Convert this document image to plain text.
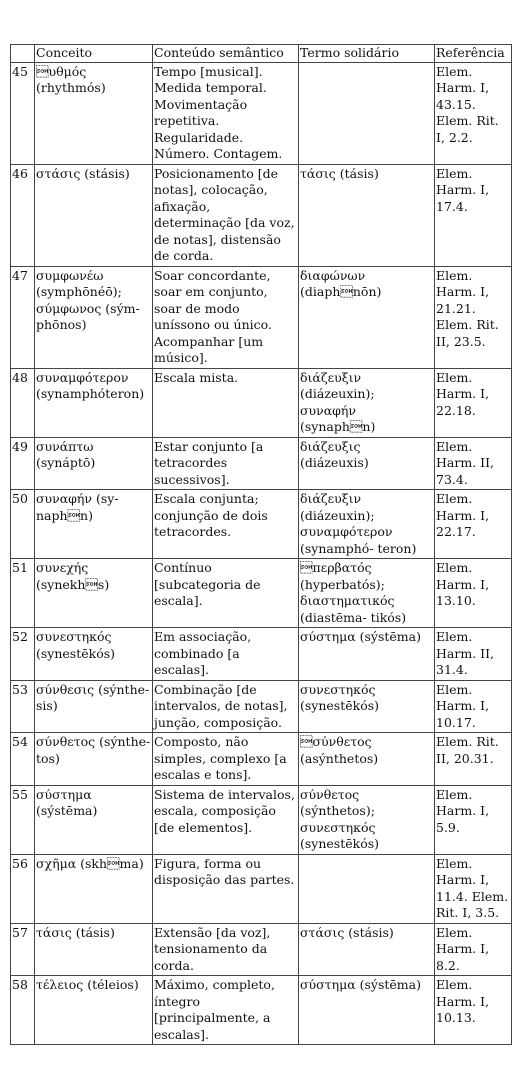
	Conceito	Conteúdo semântico	Termo solidário	Referência
45	υθμός (rhythmós)	Tempo [musical]. Medida temporal. Movimentação repetitiva. Regularidade. Número. Contagem.		Elem. Harm. I, 43.15. Elem. Rit. I, 2.2.
46	στάσις (stásis)	Posicionamento [de notas], colocação, afixação, determinação [da voz, de notas], distensão de corda.	τάσις (tásis)	Elem. Harm. I, 17.4.
47	συμφωνέω (symphōnéō); σύμφωνος (sým- phōnos)	Soar concordante, soar em conjunto, soar de modo uníssono ou único. Acompanhar [um músico].	διαφώνων (diaphnōn)	Elem. Harm. I, 21.21. Elem. Rit. II, 23.5.
48	συναμφότερον (synamphóteron)	Escala mista.	διάζευξιν (diázeuxin); συναφήν (synaphn)	Elem. Harm. I, 22.18.
49	συνάπτω (synáptō)	Estar conjunto [a tetracordes sucessivos].	διάζευξις (diázeuxis)	Elem. Harm. II, 73.4.
50	συναφήν (sy- naphn)	Escala conjunta; conjunção de dois tetracordes.	διάζευξιν (diázeuxin); συναμφότερον (synamphó- teron)	Elem. Harm. I, 22.17.
51	συνεχής (synekhs)	Contínuo [subcategoria de escala].	περβατός (hyperbatós); διαστηματικός (diastēma- tikós)	Elem. Harm. I, 13.10.
52	συνεστηκός (synestēkós)	Em associação, combinado [a escalas].	σύστημα (sýstēma)	Elem. Harm. II, 31.4.
53	σύνθεσις (sýnthe- sis)	Combinação [de intervalos, de notas], junção, composição.	συνεστηκός (synestēkós)	Elem. Harm. I, 10.17.
54	σύνθετος (sýnthe- tos)	Composto, não simples, complexo [a escalas e tons].	σύνθετος (asýnthetos)	Elem. Rit. II, 20.31.
55	σύστημα (sýstēma)	Sistema de intervalos, escala, composição [de elementos].	σύνθετος (sýnthetos); συνεστηκός (synestēkós)	Elem. Harm. I, 5.9.
56	σχῆμα (skhma)	Figura, forma ou disposição das partes.		Elem. Harm. I, 11.4. Elem. Rit. I, 3.5.
57	τάσις (tásis)	Extensão [da voz], tensionamento da corda.	στάσις (stásis)	Elem. Harm. I, 8.2.
58	τέλειος (téleios)	Máximo, completo, íntegro [principalmente, a escalas].	σύστημα (sýstēma)	Elem. Harm. I, 10.13.
